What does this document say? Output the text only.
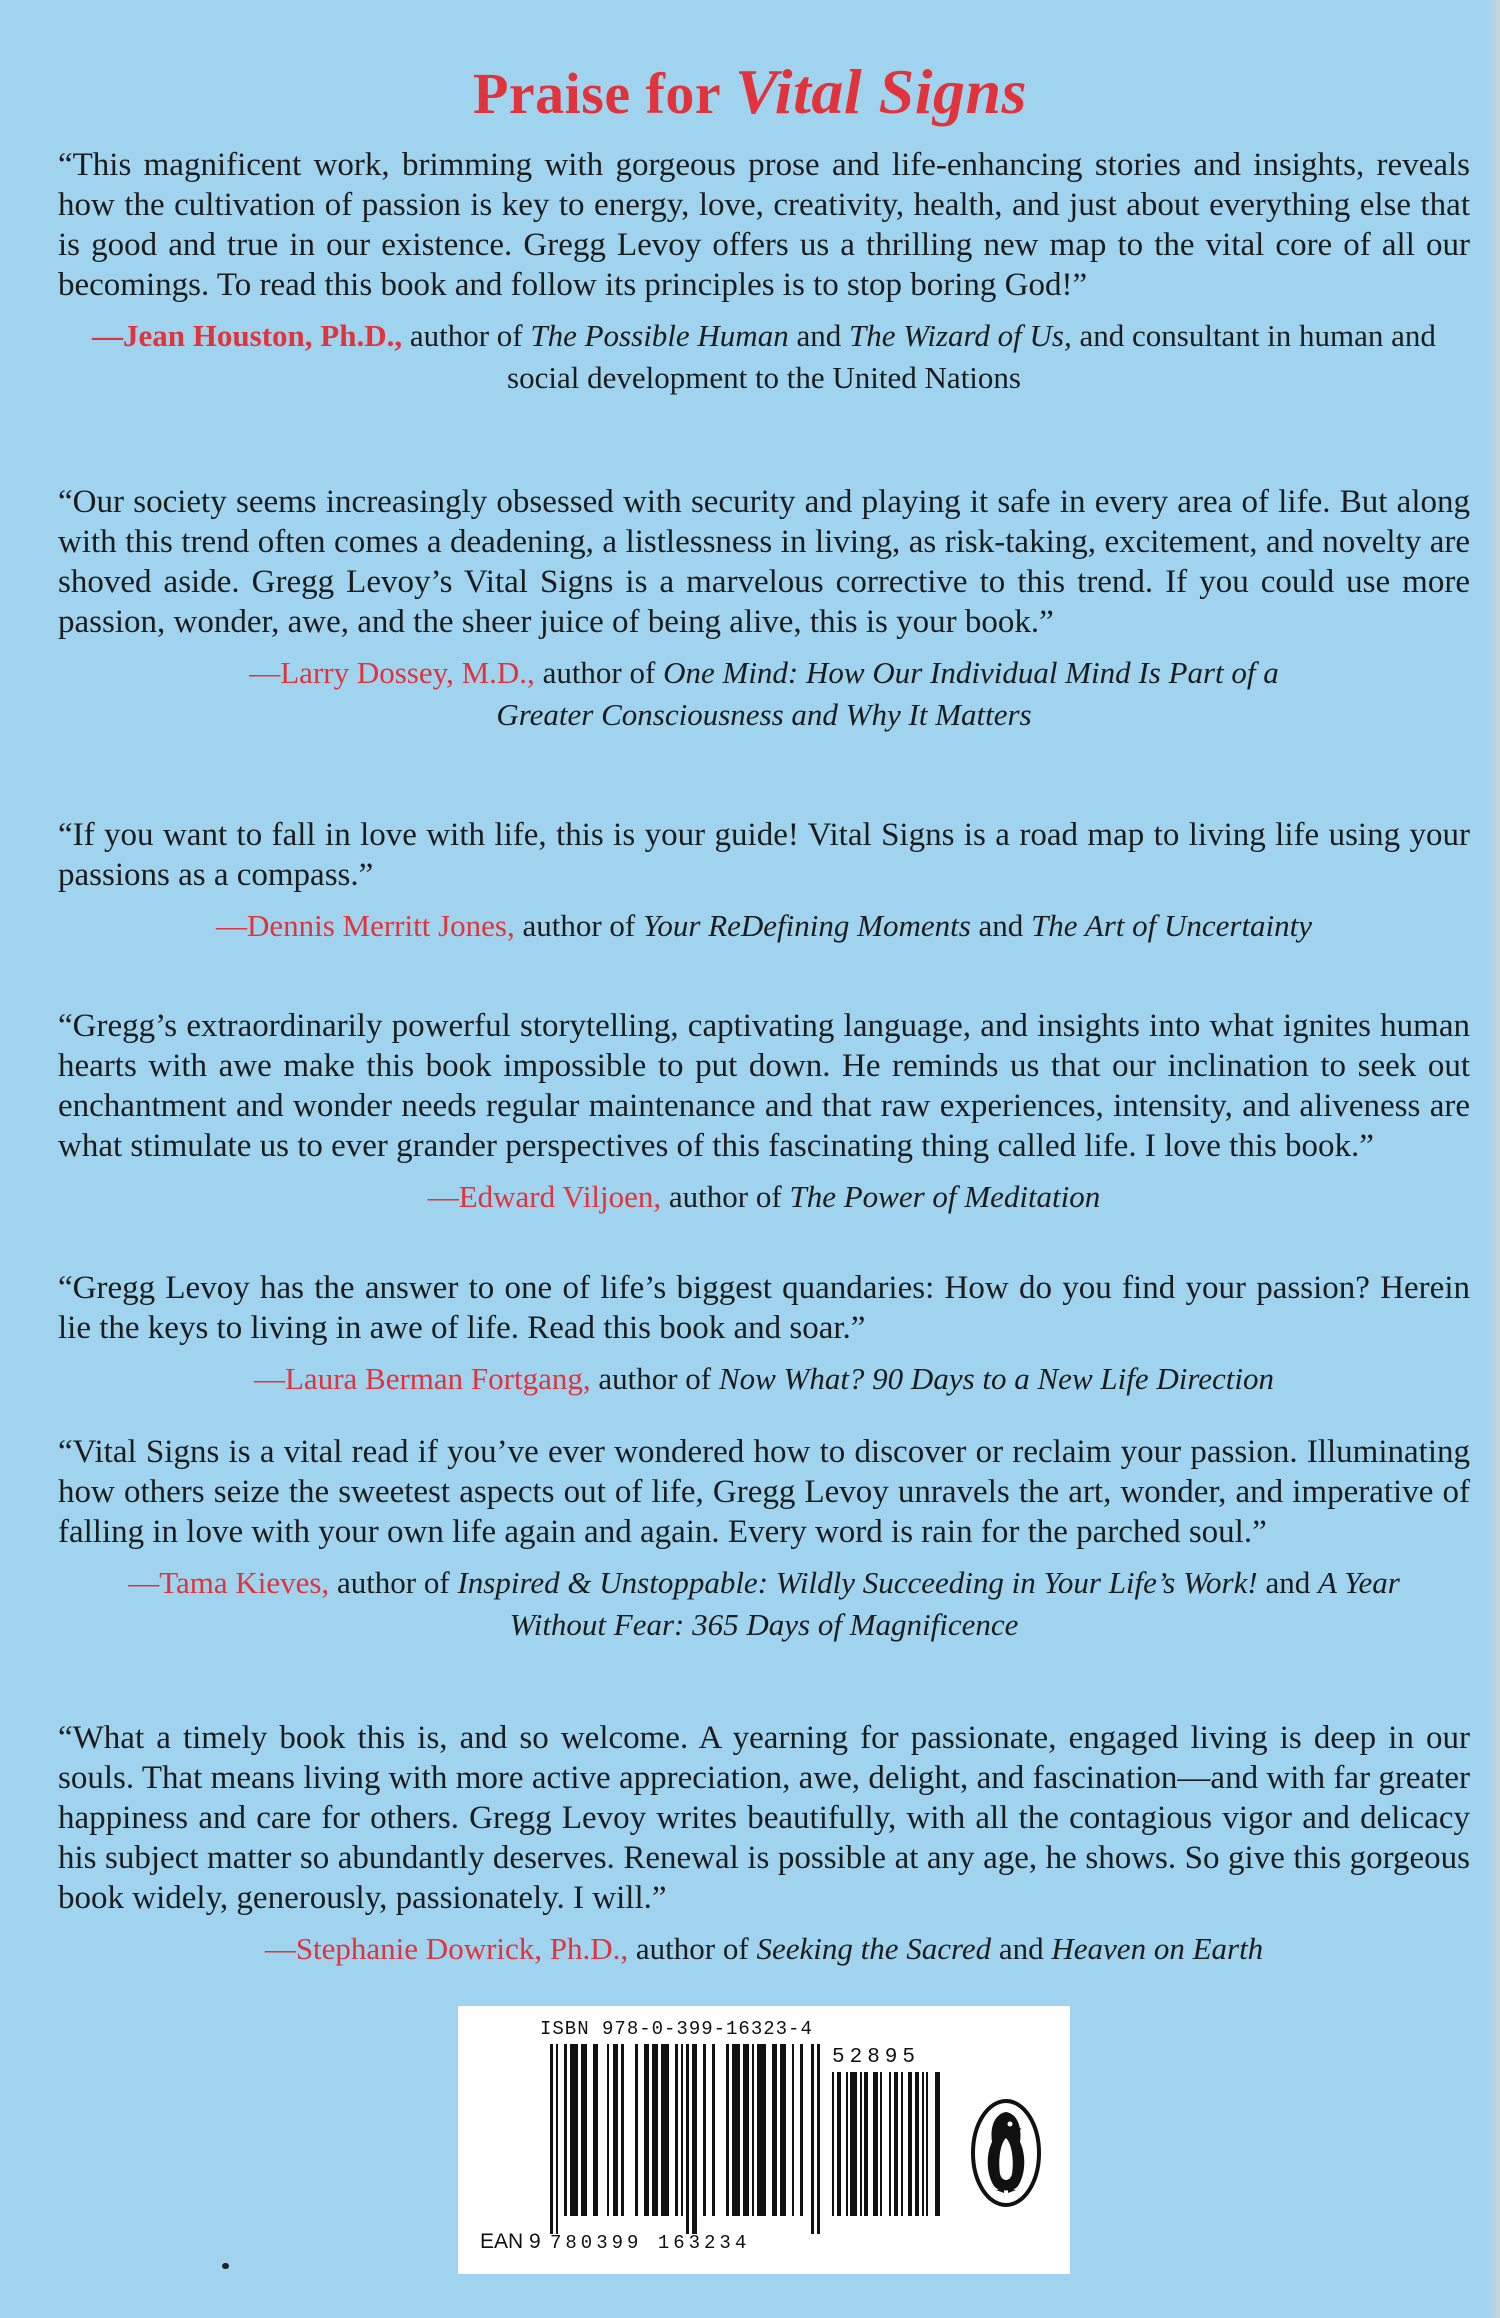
Praise for Vital Signs

“This magnificent work, brimming with gorgeous prose and life-enhancing stories and insights, reveals how the cultivation of passion is key to energy, love, creativity, health, and just about everything else that is good and true in our existence. Gregg Levoy offers us a thrilling new map to the vital core of all our becomings. To read this book and follow its principles is to stop boring God!”

—Jean Houston, Ph.D., author of The Possible Human and The Wizard of Us, and consultant in human and social development to the United Nations

“Our society seems increasingly obsessed with security and playing it safe in every area of life. But along with this trend often comes a deadening, a listlessness in living, as risk-taking, excitement, and novelty are shoved aside. Gregg Levoy’s Vital Signs is a marvelous corrective to this trend. If you could use more passion, wonder, awe, and the sheer juice of being alive, this is your book.”

—Larry Dossey, M.D., author of One Mind: How Our Individual Mind Is Part of a Greater Consciousness and Why It Matters

“If you want to fall in love with life, this is your guide! Vital Signs is a road map to living life using your passions as a compass.”

—Dennis Merritt Jones, author of Your ReDefining Moments and The Art of Uncertainty

“Gregg’s extraordinarily powerful storytelling, captivating language, and insights into what ignites human hearts with awe make this book impossible to put down. He reminds us that our inclination to seek out enchantment and wonder needs regular maintenance and that raw experiences, intensity, and aliveness are what stimulate us to ever grander perspectives of this fascinating thing called life. I love this book.”

—Edward Viljoen, author of The Power of Meditation

“Gregg Levoy has the answer to one of life’s biggest quandaries: How do you find your passion? Herein lie the keys to living in awe of life. Read this book and soar.”

—Laura Berman Fortgang, author of Now What? 90 Days to a New Life Direction

“Vital Signs is a vital read if you’ve ever wondered how to discover or reclaim your passion. Illuminating how others seize the sweetest aspects out of life, Gregg Levoy unravels the art, wonder, and imperative of falling in love with your own life again and again. Every word is rain for the parched soul.”

—Tama Kieves, author of Inspired & Unstoppable: Wildly Succeeding in Your Life’s Work! and A Year Without Fear: 365 Days of Magnificence

“What a timely book this is, and so welcome. A yearning for passionate, engaged living is deep in our souls. That means living with more active appreciation, awe, delight, and fascination—and with far greater happiness and care for others. Gregg Levoy writes beautifully, with all the contagious vigor and delicacy his subject matter so abundantly deserves. Renewal is possible at any age, he shows. So give this gorgeous book widely, generously, passionately. I will.”

—Stephanie Dowrick, Ph.D., author of Seeking the Sacred and Heaven on Earth

ISBN 978-0-399-16323-4
52895
EAN 9 780399 163234
